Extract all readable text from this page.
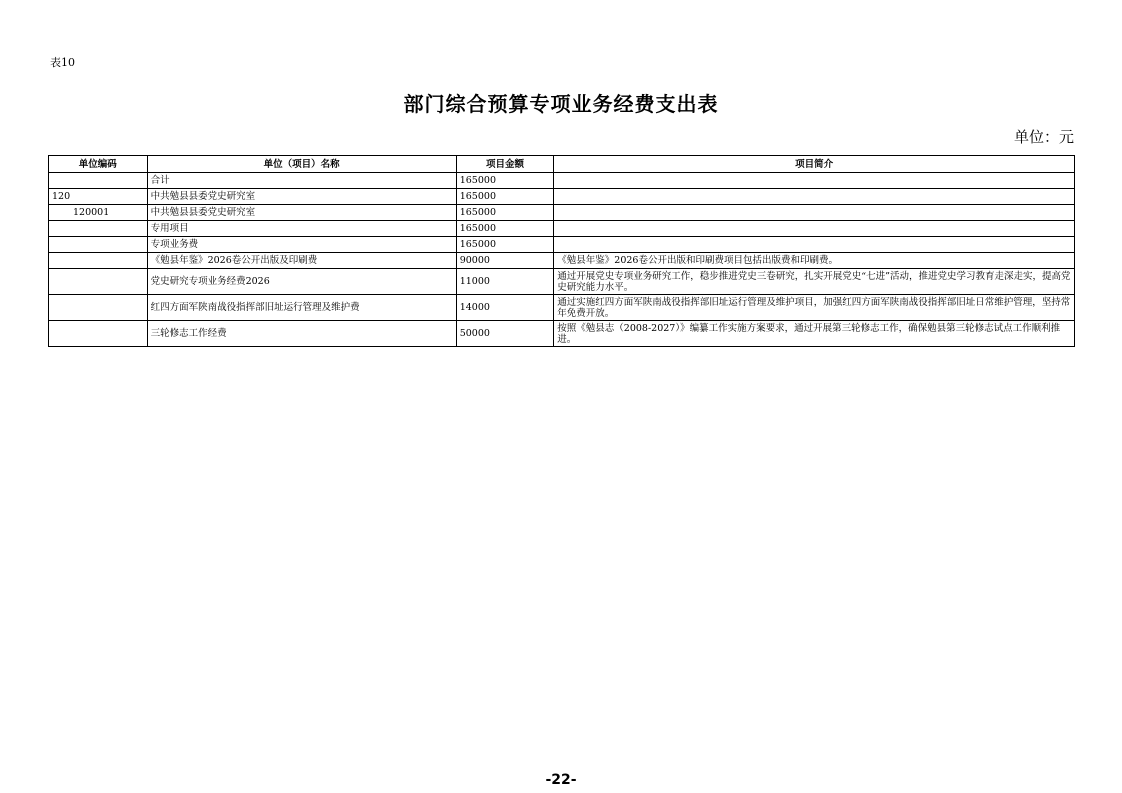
表10
部门综合预算专项业务经费支出表
单位：元
单位编码	单位（项目）名称	项目金额	项目简介
	合计	165000	
120	中共勉县县委党史研究室	165000	
120001	中共勉县县委党史研究室	165000	
	专用项目	165000	
	专项业务费	165000	
	《勉县年鉴》2026卷公开出版及印刷费	90000	《勉县年鉴》2026卷公开出版和印刷费项目包括出版费和印刷费。
	党史研究专项业务经费2026	11000	通过开展党史专项业务研究工作，稳步推进党史三卷研究，扎实开展党史“七进”活动，推进党史学习教育走深走实，提高党史研究能力水平。
	红四方面军陕南战役指挥部旧址运行管理及维护费	14000	通过实施红四方面军陕南战役指挥部旧址运行管理及维护项目，加强红四方面军陕南战役指挥部旧址日常维护管理，坚持常年免费开放。
	三轮修志工作经费	50000	按照《勉县志（2008-2027）》编纂工作实施方案要求，通过开展第三轮修志工作，确保勉县第三轮修志试点工作顺利推进。
-22-
